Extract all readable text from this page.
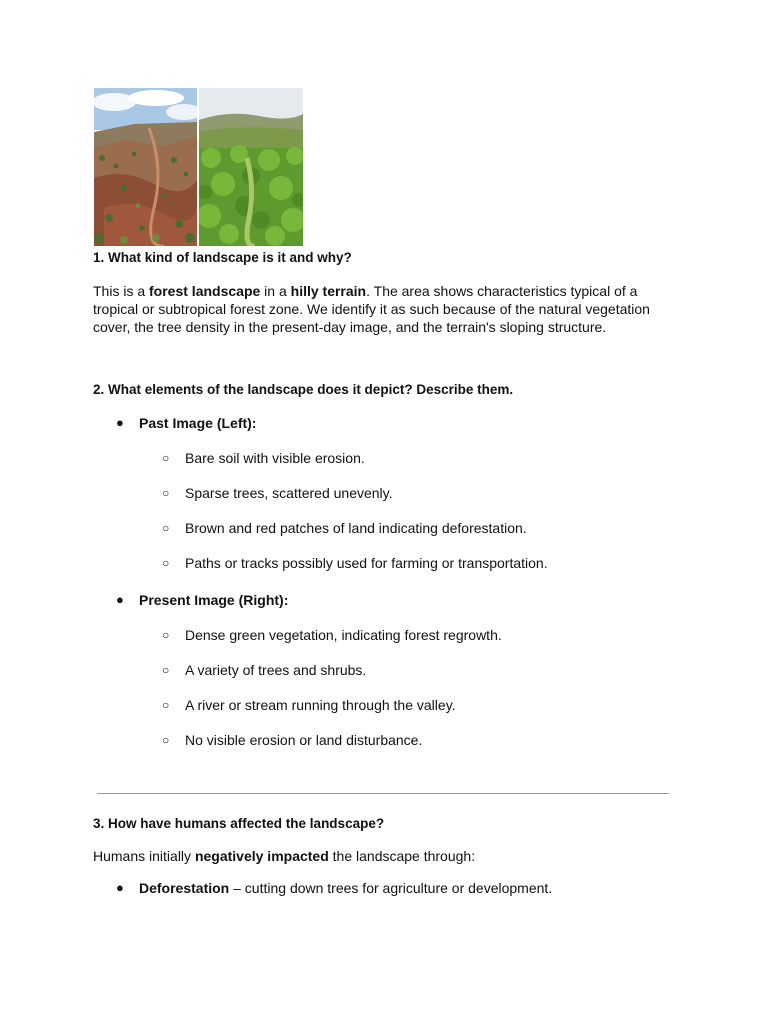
1. What kind of landscape is it and why?

This is a forest landscape in a hilly terrain. The area shows characteristics typical of a tropical or subtropical forest zone. We identify it as such because of the natural vegetation cover, the tree density in the present-day image, and the terrain's sloping structure.

2. What elements of the landscape does it depict? Describe them.

● Past Image (Left):
○ Bare soil with visible erosion.
○ Sparse trees, scattered unevenly.
○ Brown and red patches of land indicating deforestation.
○ Paths or tracks possibly used for farming or transportation.
● Present Image (Right):
○ Dense green vegetation, indicating forest regrowth.
○ A variety of trees and shrubs.
○ A river or stream running through the valley.
○ No visible erosion or land disturbance.

3. How have humans affected the landscape?

Humans initially negatively impacted the landscape through:

● Deforestation – cutting down trees for agriculture or development.
